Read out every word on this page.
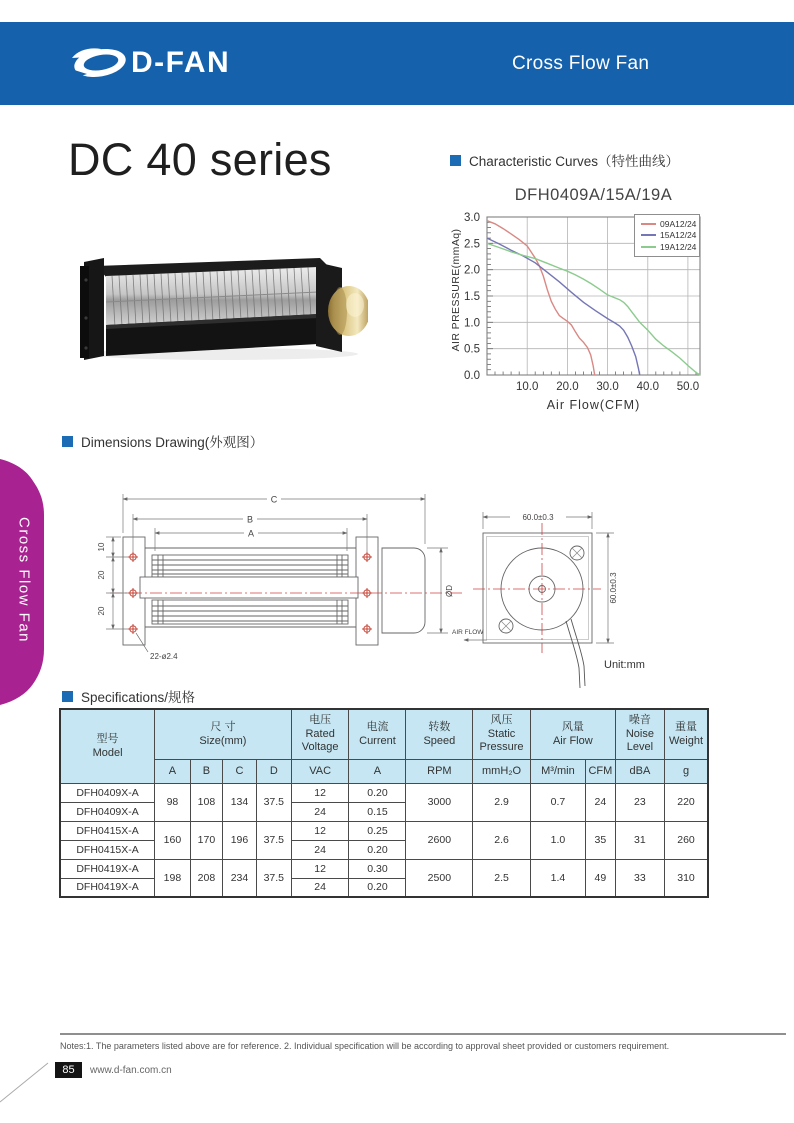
D-FAN	Cross Flow Fan
DC 40 series	Characteristic Curves（特性曲线）
DFH0409A/15A/19A
10.0 20.0 30.0 40.0 50.0
0.0
0.5
1.0
1.5
2.0
2.5
3.0
AIR PRESSURE(mmAq)
Air Flow(CFM)
09A12/24
15A12/24
19A12/24
Dimensions Drawing(外观图）
C
B
A
10
20
20
22-ø2.4
ØD
60.0±0.3
60.0±0.3
AIR FLOW
Unit:mm
Cross Flow Fan
Specifications/规格
型号
Model

尺 寸
Size(mm)

电压
Rated Voltage

电流
Current

转数
Speed

风压
Static Pressure

风量
Air Flow

噪音
Noise Level

重量
Weight

	A	B	C	D	VAC	A	RPM	mmH₂O	M³/min	CFM	dBA	g
DFH0409X-A	98	108	134	37.5	12	0.20	3000	2.9	0.7	24	23	220
DFH0409X-A					24	0.15						
DFH0415X-A	160	170	196	37.5	12	0.25	2600	2.6	1.0	35	31	260
DFH0415X-A					24	0.20						
DFH0419X-A	198	208	234	37.5	12	0.30	2500	2.5	1.4	49	33	310
DFH0419X-A					24	0.20						
Notes:1. The parameters listed above are for reference. 2. Individual specification will be according to approval sheet provided or customers requirement.
85	www.d-fan.com.cn
